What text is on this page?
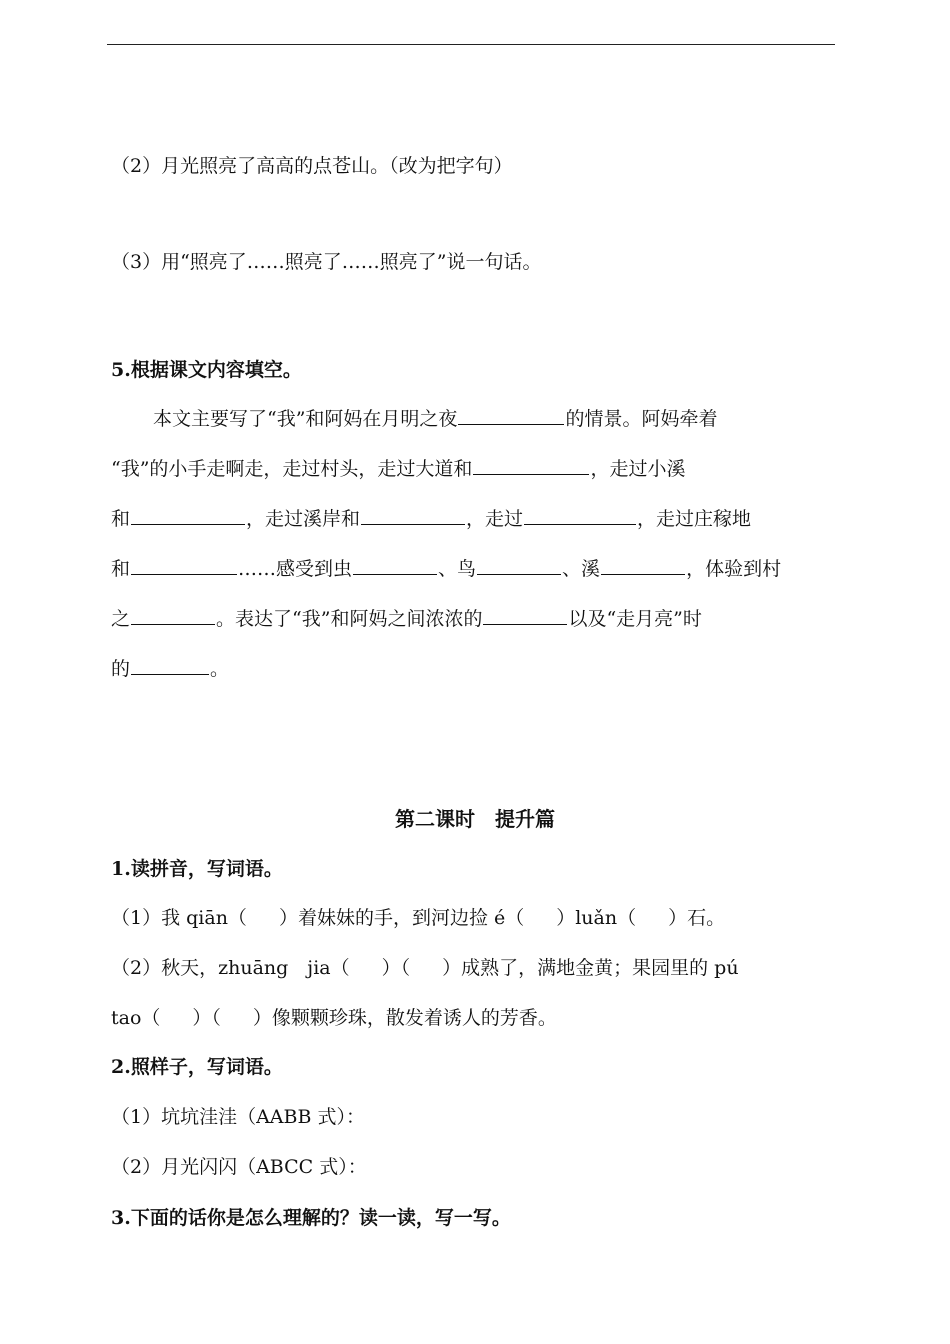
（2）月光照亮了高高的点苍山。（改为把字句）
（3）用“照亮了……照亮了……照亮了”说一句话。
5.根据课文内容填空。
本文主要写了“我”和阿妈在月明之夜	的情景。阿妈牵着
“我”的小手走啊走，走过村头，走过大道和	，走过小溪
和	，走过溪岸和	，走过	，走过庄稼地
和	……感受到虫	、鸟	、溪	，体验到村
之	。表达了“我”和阿妈之间浓浓的	以及“走月亮”时
的	。
第二课时　提升篇
1.读拼音，写词语。
（1）我 qiān（ ）着妹妹的手，到河边捡 é（ ）luǎn（ ）石。
（2）秋天，zhuāng　jia（ ）（ ）成熟了，满地金黄；果园里的 pú
tao（ ）（ ）像颗颗珍珠，散发着诱人的芳香。
2.照样子，写词语。
（1）坑坑洼洼（AABB 式）：
（2）月光闪闪（ABCC 式）：
3.下面的话你是怎么理解的？读一读，写一写。
